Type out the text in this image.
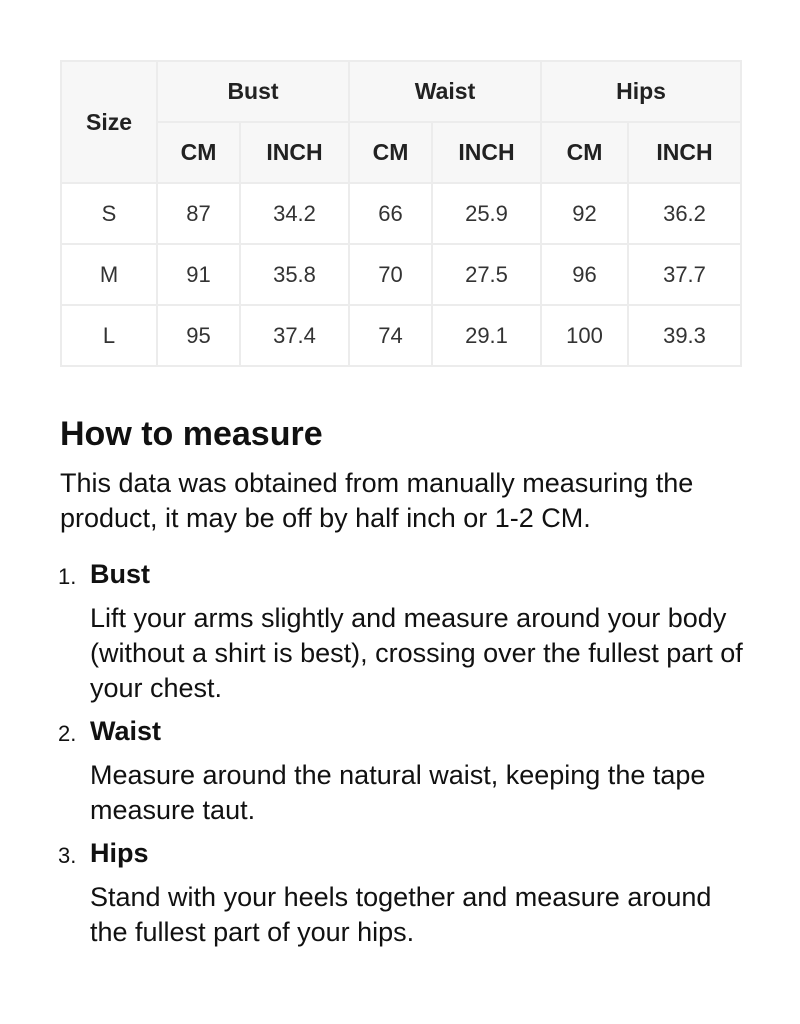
Size	Bust		Waist		Hips	
	CM	INCH	CM	INCH	CM	INCH
S	87	34.2	66	25.9	92	36.2
M	91	35.8	70	27.5	96	37.7
L	95	37.4	74	29.1	100	39.3
How to measure

This data was obtained from manually measuring the product, it may be off by half inch or 1-2 CM.

1. Bust

Lift your arms slightly and measure around your body (without a shirt is best), crossing over the fullest part of your chest.

2. Waist

Measure around the natural waist, keeping the tape measure taut.

3. Hips

Stand with your heels together and measure around the fullest part of your hips.
